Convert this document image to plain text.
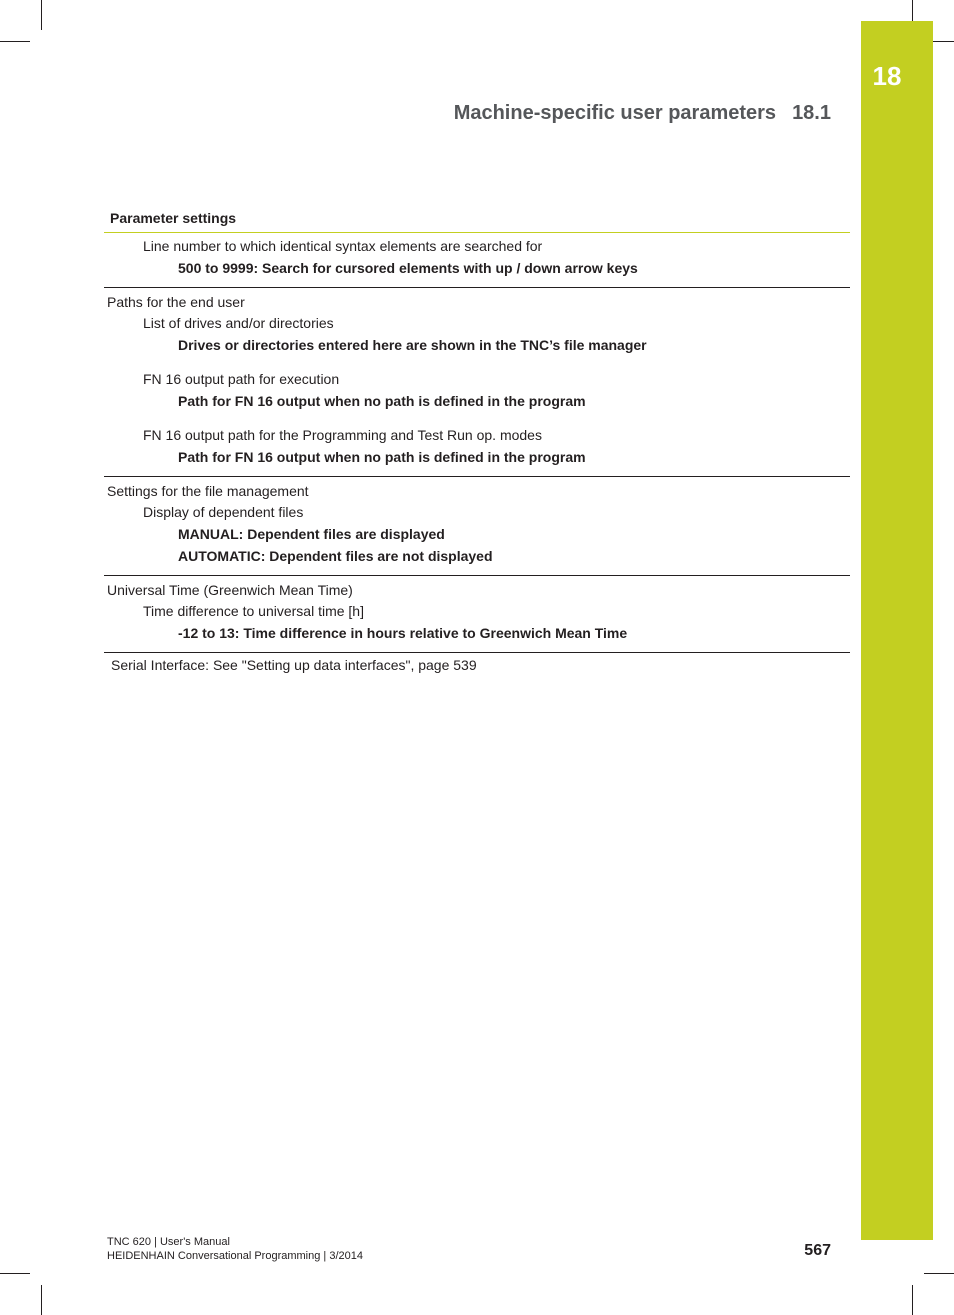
18
Machine-specific user parameters 18.1
Parameter settings
Line number to which identical syntax elements are searched for
500 to 9999: Search for cursored elements with up / down arrow keys
Paths for the end user
List of drives and/or directories
Drives or directories entered here are shown in the TNC’s file manager
FN 16 output path for execution
Path for FN 16 output when no path is defined in the program
FN 16 output path for the Programming and Test Run op. modes
Path for FN 16 output when no path is defined in the program
Settings for the file management
Display of dependent files
MANUAL: Dependent files are displayed
AUTOMATIC: Dependent files are not displayed
Universal Time (Greenwich Mean Time)
Time difference to universal time [h]
-12 to 13: Time difference in hours relative to Greenwich Mean Time
Serial Interface: See "Setting up data interfaces", page 539
TNC 620 | User's Manual
HEIDENHAIN Conversational Programming | 3/2014	567
